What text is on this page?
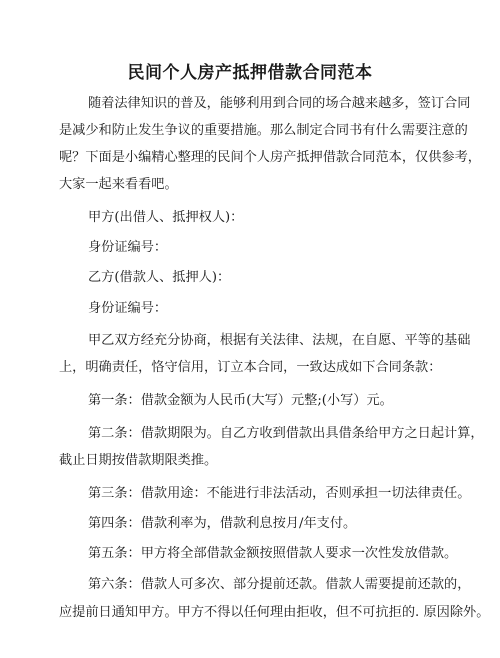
民间个人房产抵押借款合同范本
随着法律知识的普及，能够利用到合同的场合越来越多，签订合同
是减少和防止发生争议的重要措施。那么制定合同书有什么需要注意的
呢？下面是小编精心整理的民间个人房产抵押借款合同范本，仅供参考，
大家一起来看看吧。
甲方(出借人、抵押权人)：
身份证编号：
乙方(借款人、抵押人)：
身份证编号：
甲乙双方经充分协商，根据有关法律、法规，在自愿、平等的基础
上，明确责任，恪守信用，订立本合同，一致达成如下合同条款：
第一条：借款金额为人民币(大写）元整;(小写）元。
第二条：借款期限为。自乙方收到借款出具借条给甲方之日起计算，
截止日期按借款期限类推。
第三条：借款用途：不能进行非法活动，否则承担一切法律责任。
第四条：借款利率为，借款利息按月/年支付。
第五条：甲方将全部借款金额按照借款人要求一次性发放借款。
第六条：借款人可多次、部分提前还款。借款人需要提前还款的，
应提前日通知甲方。甲方不得以任何理由拒收，但不可抗拒的. 原因除外。
